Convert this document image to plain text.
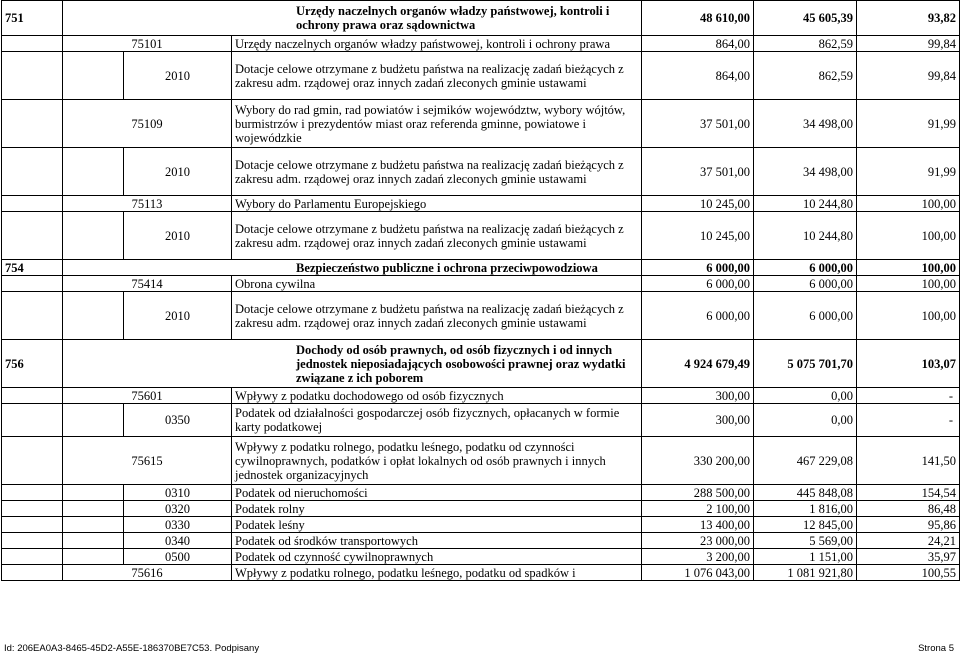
751	Urzędy naczelnych organów władzy państwowej, kontroli i ochrony prawa oraz sądownictwa			48 610,00	45 605,39	93,82
	75101		Urzędy naczelnych organów władzy państwowej, kontroli i ochrony prawa	864,00	862,59	99,84
		2010	Dotacje celowe otrzymane z budżetu państwa na realizację zadań bieżących z zakresu adm. rządowej oraz innych zadań zleconych gminie ustawami	864,00	862,59	99,84
	75109		Wybory do rad gmin, rad powiatów i sejmików województw, wybory wójtów, burmistrzów i prezydentów miast oraz referenda gminne, powiatowe i wojewódzkie	37 501,00	34 498,00	91,99
		2010	Dotacje celowe otrzymane z budżetu państwa na realizację zadań bieżących z zakresu adm. rządowej oraz innych zadań zleconych gminie ustawami	37 501,00	34 498,00	91,99
	75113		Wybory do Parlamentu Europejskiego	10 245,00	10 244,80	100,00
		2010	Dotacje celowe otrzymane z budżetu państwa na realizację zadań bieżących z zakresu adm. rządowej oraz innych zadań zleconych gminie ustawami	10 245,00	10 244,80	100,00
754	Bezpieczeństwo publiczne i ochrona przeciwpowodziowa			6 000,00	6 000,00	100,00
	75414		Obrona cywilna	6 000,00	6 000,00	100,00
		2010	Dotacje celowe otrzymane z budżetu państwa na realizację zadań bieżących z zakresu adm. rządowej oraz innych zadań zleconych gminie ustawami	6 000,00	6 000,00	100,00
756	Dochody od osób prawnych, od osób fizycznych i od innych jednostek nieposiadających osobowości prawnej oraz wydatki związane z ich poborem			4 924 679,49	5 075 701,70	103,07
	75601		Wpływy z podatku dochodowego od osób fizycznych	300,00	0,00	-
		0350	Podatek od działalności gospodarczej osób fizycznych, opłacanych w formie karty podatkowej	300,00	0,00	-
	75615		Wpływy z podatku rolnego, podatku leśnego, podatku od czynności cywilnoprawnych, podatków i opłat lokalnych od osób prawnych i innych jednostek organizacyjnych	330 200,00	467 229,08	141,50
		0310	Podatek od nieruchomości	288 500,00	445 848,08	154,54
		0320	Podatek rolny	2 100,00	1 816,00	86,48
		0330	Podatek leśny	13 400,00	12 845,00	95,86
		0340	Podatek od środków transportowych	23 000,00	5 569,00	24,21
		0500	Podatek od czynność cywilnoprawnych	3 200,00	1 151,00	35,97
	75616		Wpływy z podatku rolnego, podatku leśnego, podatku od spadków i	1 076 043,00	1 081 921,80	100,55
Id: 206EA0A3-8465-45D2-A55E-186370BE7C53. Podpisany	Strona 5
